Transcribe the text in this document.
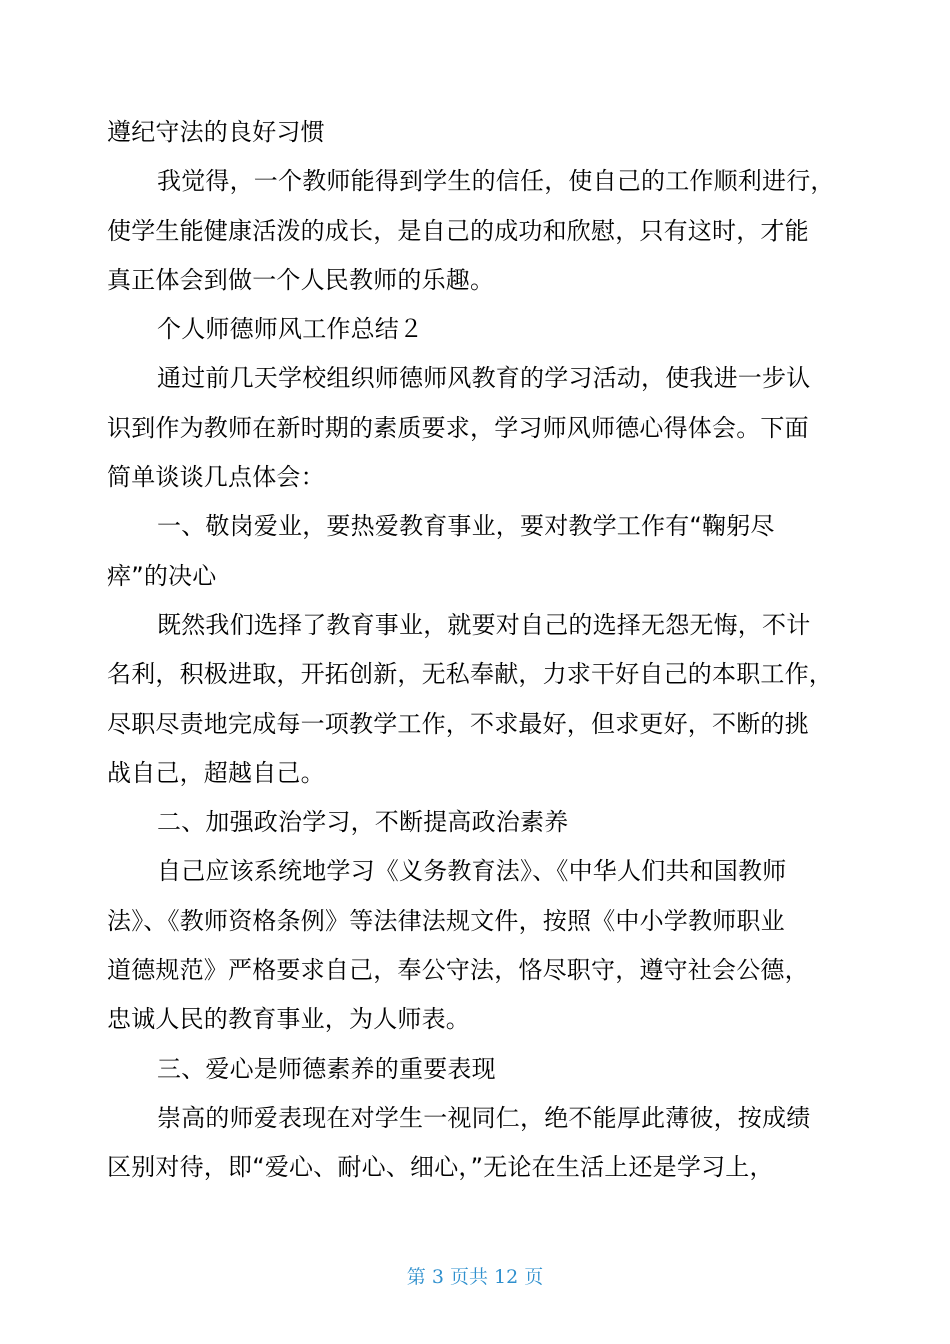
遵纪守法的良好习惯
我觉得，一个教师能得到学生的信任，使自己的工作顺利进行，
使学生能健康活泼的成长，是自己的成功和欣慰，只有这时，才能
真正体会到做一个人民教师的乐趣。
个人师德师风工作总结２
通过前几天学校组织师德师风教育的学习活动，使我进一步认
识到作为教师在新时期的素质要求，学习师风师德心得体会。下面
简单谈谈几点体会：
一、敬岗爱业，要热爱教育事业，要对教学工作有“鞠躬尽
瘁”的决心
既然我们选择了教育事业，就要对自己的选择无怨无悔，不计
名利，积极进取，开拓创新，无私奉献，力求干好自己的本职工作，
尽职尽责地完成每一项教学工作，不求最好，但求更好，不断的挑
战自己，超越自己。
二、加强政治学习，不断提高政治素养
自己应该系统地学习《义务教育法》、《中华人们共和国教师
法》、《教师资格条例》等法律法规文件，按照《中小学教师职业
道德规范》严格要求自己，奉公守法，恪尽职守，遵守社会公德，
忠诚人民的教育事业，为人师表。
三、爱心是师德素养的重要表现
崇高的师爱表现在对学生一视同仁，绝不能厚此薄彼，按成绩
区别对待，即“爱心、耐心、细心，”无论在生活上还是学习上，
第 3 页共 12 页
